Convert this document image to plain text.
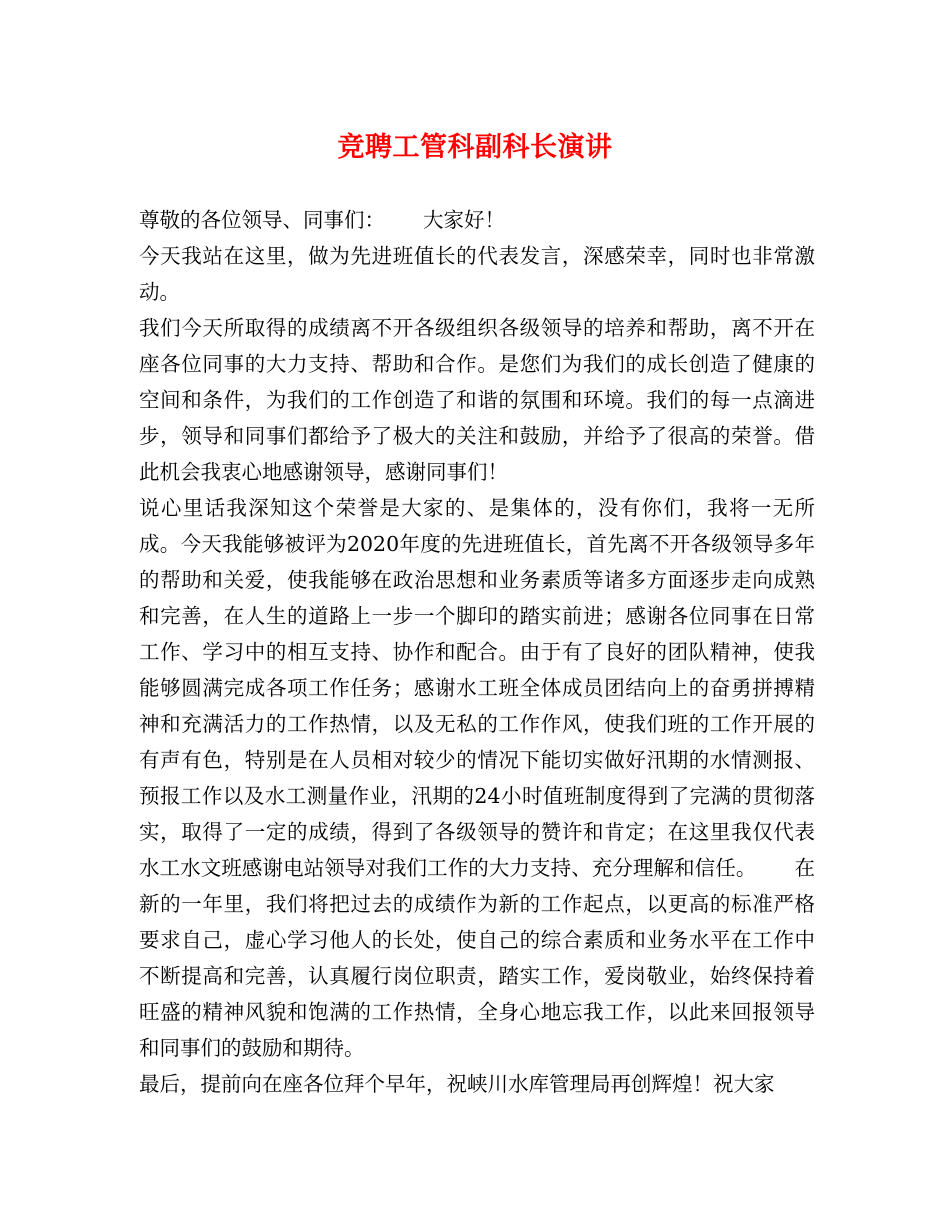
竞聘工管科副科长演讲

尊敬的各位领导、同事们： 大家好！

今天我站在这里，做为先进班值长的代表发言，深感荣幸，同时也非常激动。

我们今天所取得的成绩离不开各级组织各级领导的培养和帮助，离不开在座各位同事的大力支持、帮助和合作。是您们为我们的成长创造了健康的空间和条件，为我们的工作创造了和谐的氛围和环境。我们的每一点滴进步，领导和同事们都给予了极大的关注和鼓励，并给予了很高的荣誉。借此机会我衷心地感谢领导，感谢同事们！

说心里话我深知这个荣誉是大家的、是集体的，没有你们，我将一无所成。今天我能够被评为2020年度的先进班值长，首先离不开各级领导多年的帮助和关爱，使我能够在政治思想和业务素质等诸多方面逐步走向成熟和完善，在人生的道路上一步一个脚印的踏实前进；感谢各位同事在日常工作、学习中的相互支持、协作和配合。由于有了良好的团队精神，使我能够圆满完成各项工作任务；感谢水工班全体成员团结向上的奋勇拼搏精神和充满活力的工作热情，以及无私的工作作风，使我们班的工作开展的有声有色，特别是在人员相对较少的情况下能切实做好汛期的水情测报、预报工作以及水工测量作业，汛期的24小时值班制度得到了完满的贯彻落实，取得了一定的成绩，得到了各级领导的赞许和肯定；在这里我仅代表水工水文班感谢电站领导对我们工作的大力支持、充分理解和信任。 在新的一年里，我们将把过去的成绩作为新的工作起点，以更高的标准严格要求自己，虚心学习他人的长处，使自己的综合素质和业务水平在工作中不断提高和完善，认真履行岗位职责，踏实工作，爱岗敬业，始终保持着旺盛的精神风貌和饱满的工作热情，全身心地忘我工作，以此来回报领导和同事们的鼓励和期待。

最后，提前向在座各位拜个早年，祝峡川水库管理局再创辉煌！祝大家
